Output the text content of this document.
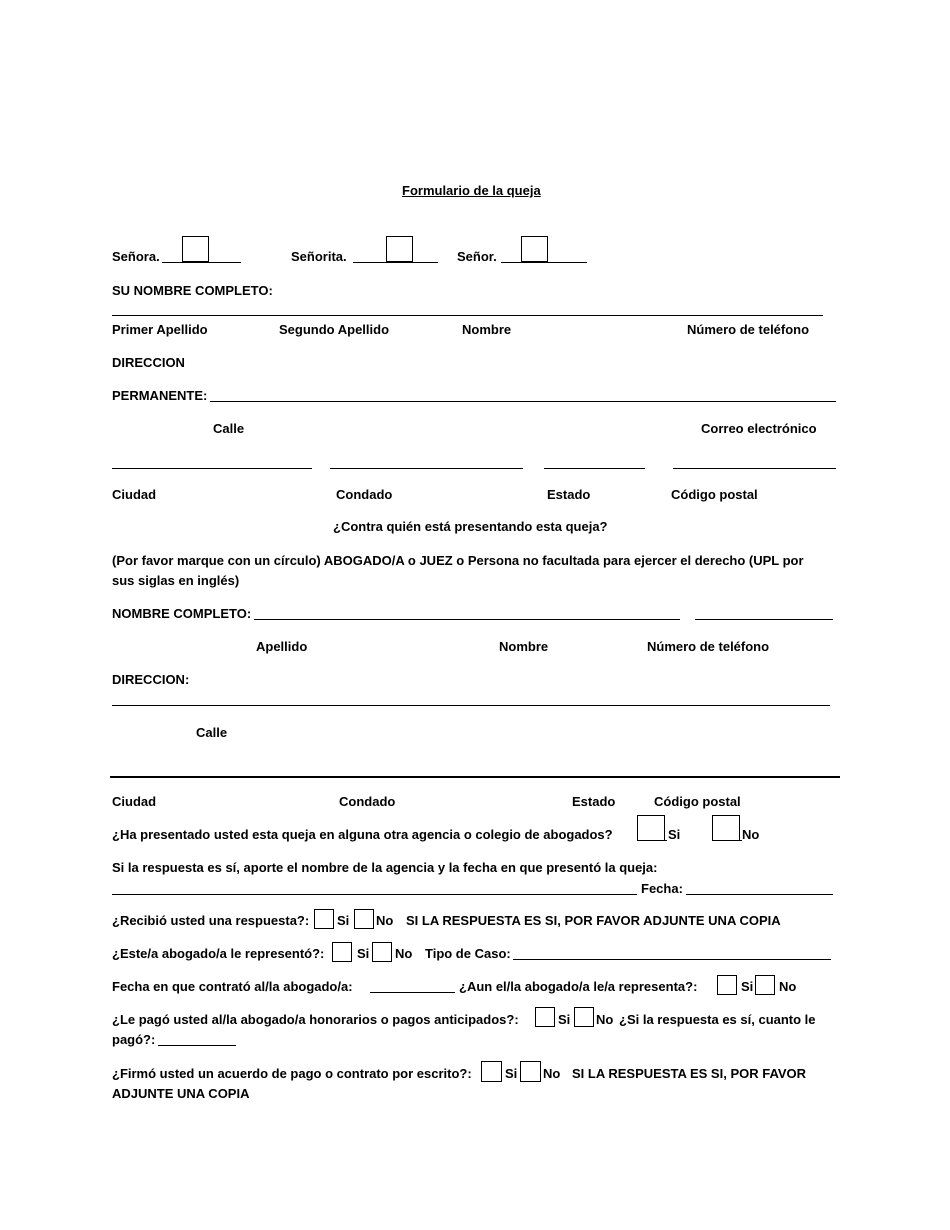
Formulario de la queja
Señora.	Señorita.	Señor.
SU NOMBRE COMPLETO:
Primer Apellido	Segundo Apellido	Nombre	Número de teléfono
DIRECCION
PERMANENTE:
Calle	Correo electrónico
Ciudad	Condado	Estado	Código postal
¿Contra quién está presentando esta queja?
(Por favor marque con un círculo) ABOGADO/A o JUEZ o Persona no facultada para ejercer el derecho (UPL por
sus siglas en inglés)
NOMBRE COMPLETO:
Apellido	Nombre	Número de teléfono
DIRECCION:
Calle
Ciudad	Condado	Estado	Código postal
¿Ha presentado usted esta queja en alguna otra agencia o colegio de abogados?	Si	No
Si la respuesta es sí, aporte el nombre de la agencia y la fecha en que presentó la queja:
Fecha:
¿Recibió usted una respuesta?: Si No SI LA RESPUESTA ES SI, POR FAVOR ADJUNTE UNA COPIA
¿Este/a abogado/a le representó?:	Si No Tipo de Caso:
Fecha en que contrató al/la abogado/a:	¿Aun el/la abogado/a le/a representa?:	Si No
¿Le pagó usted al/la abogado/a honorarios o pagos anticipados?:	Si No ¿Si la respuesta es sí, cuanto le
pagó?:
¿Firmó usted un acuerdo de pago o contrato por escrito?:	Si No SI LA RESPUESTA ES SI, POR FAVOR
ADJUNTE UNA COPIA
